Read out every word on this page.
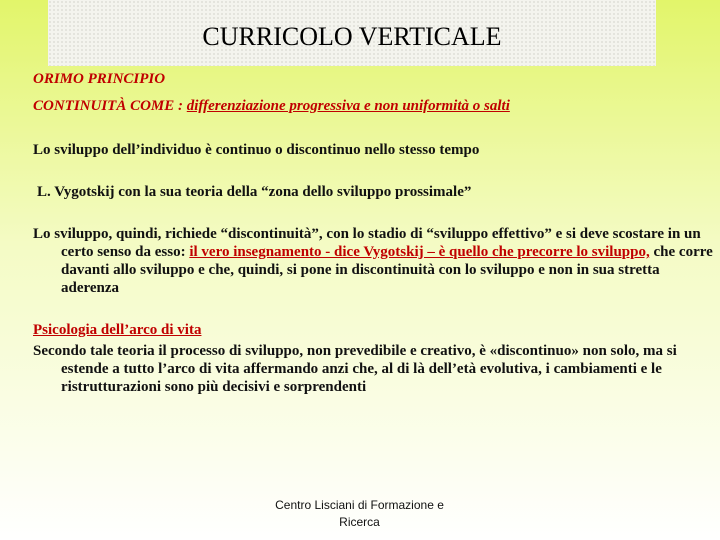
CURRICOLO VERTICALE

ORIMO PRINCIPIO

CONTINUITÀ COME : differenziazione progressiva e non uniformità o salti

Lo sviluppo dell’individuo è continuo o discontinuo nello stesso tempo

L. Vygotskij con la sua teoria della “zona dello sviluppo prossimale”

Lo sviluppo, quindi, richiede “discontinuità”, con lo stadio di “sviluppo effettivo” e si deve scostare in un certo senso da esso: il vero insegnamento - dice Vygotskij – è quello che precorre lo sviluppo, che corre davanti allo sviluppo e che, quindi, si pone in discontinuità con lo sviluppo e non in sua stretta aderenza

Psicologia dell’arco di vita

Secondo tale teoria il processo di sviluppo, non prevedibile e creativo, è «discontinuo» non solo, ma si estende a tutto l’arco di vita affermando anzi che, al di là dell’età evolutiva, i cambiamenti e le ristrutturazioni sono più decisivi e sorprendenti

Centro Lisciani di Formazione e Ricerca
